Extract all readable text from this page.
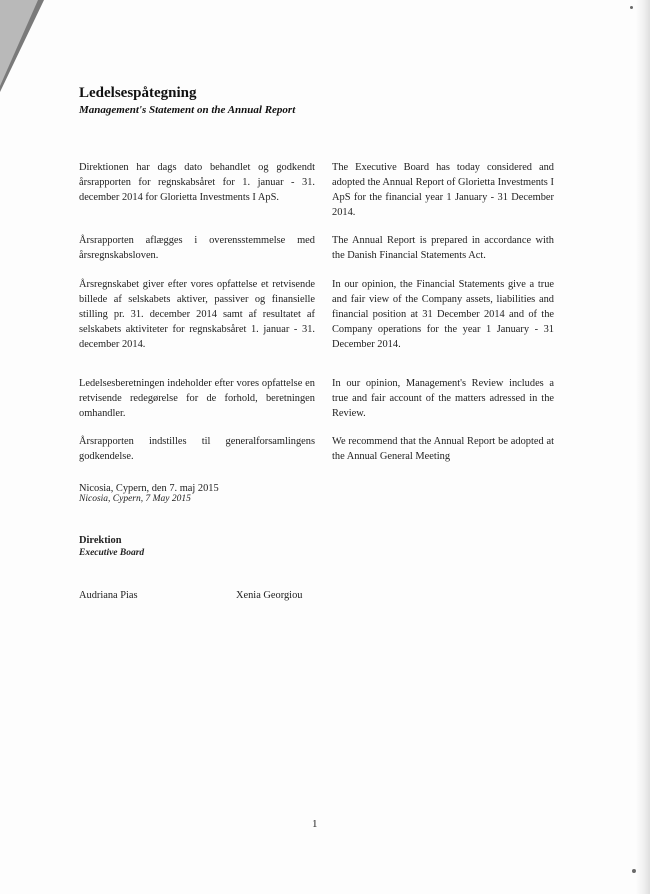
Ledelsespåtegning
Management's Statement on the Annual Report
Direktionen har dags dato behandlet og godkendt årsrapporten for regnskabsåret for 1. januar - 31. december 2014 for Glorietta Investments I ApS.
Årsrapporten aflægges i overensstemmelse med årsregnskabsloven.
Årsregnskabet giver efter vores opfattelse et retvisende billede af selskabets aktiver, passiver og finansielle stilling pr. 31. december 2014 samt af resultatet af selskabets aktiviteter for regnskabsåret 1. januar - 31. december 2014.
Ledelsesberetningen indeholder efter vores opfattelse en retvisende redegørelse for de forhold, beretningen omhandler.
Årsrapporten indstilles til generalforsamlingens godkendelse.
The Executive Board has today considered and adopted the Annual Report of Glorietta Investments I ApS for the financial year 1 January - 31 December 2014.
The Annual Report is prepared in accordance with the Danish Financial Statements Act.
In our opinion, the Financial Statements give a true and fair view of the Company assets, liabilities and financial position at 31 December 2014 and of the Company operations for the year 1 January - 31 December 2014.
In our opinion, Management's Review includes a true and fair account of the matters adressed in the Review.
We recommend that the Annual Report be adopted at the Annual General Meeting
Nicosia, Cypern, den 7. maj 2015
Nicosia, Cypern, 7 May 2015
Direktion
Executive Board
Audriana Pias	Xenia Georgiou
1
